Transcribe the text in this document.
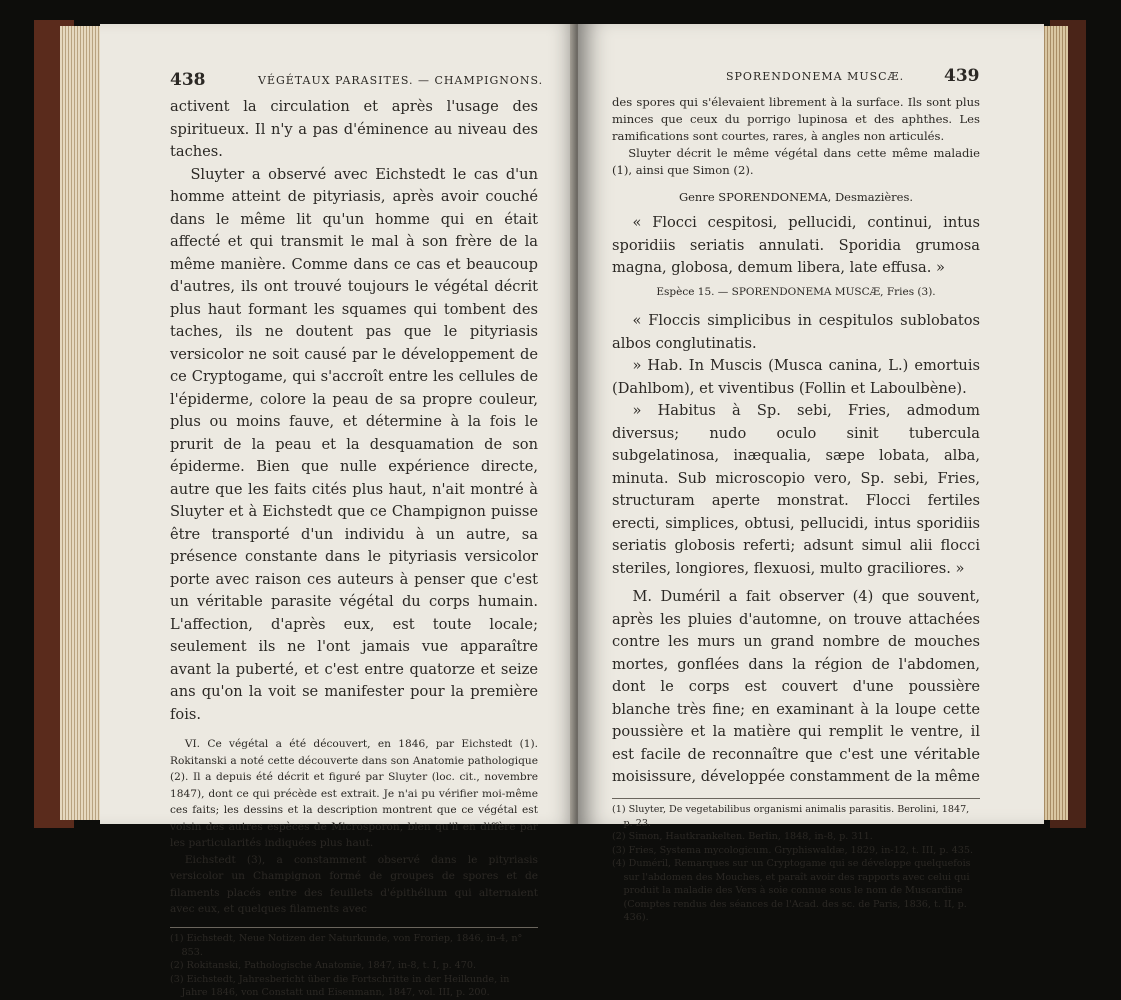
438	VÉGÉTAUX PARASITES. — CHAMPIGNONS.

activent la circulation et après l'usage des spiritueux. Il n'y a pas d'éminence au niveau des taches.

Sluyter a observé avec Eichstedt le cas d'un homme atteint de pityriasis, après avoir couché dans le même lit qu'un homme qui en était affecté et qui transmit le mal à son frère de la même manière. Comme dans ce cas et beaucoup d'autres, ils ont trouvé toujours le végétal décrit plus haut formant les squames qui tombent des taches, ils ne doutent pas que le pityriasis versicolor ne soit causé par le développement de ce Cryptogame, qui s'accroît entre les cellules de l'épiderme, colore la peau de sa propre couleur, plus ou moins fauve, et détermine à la fois le prurit de la peau et la desquamation de son épiderme. Bien que nulle expérience directe, autre que les faits cités plus haut, n'ait montré à Sluyter et à Eichstedt que ce Champignon puisse être transporté d'un individu à un autre, sa présence constante dans le pityriasis versicolor porte avec raison ces auteurs à penser que c'est un véritable parasite végétal du corps humain. L'affection, d'après eux, est toute locale; seulement ils ne l'ont jamais vue apparaître avant la puberté, et c'est entre quatorze et seize ans qu'on la voit se manifester pour la première fois.

VI. Ce végétal a été découvert, en 1846, par Eichstedt (1). Rokitanski a noté cette découverte dans son Anatomie pathologique (2). Il a depuis été décrit et figuré par Sluyter (loc. cit., novembre 1847), dont ce qui précède est extrait. Je n'ai pu vérifier moi-même ces faits; les dessins et la description montrent que ce végétal est voisin des autres espèces de Microsporon, bien qu'il en diffère par les particularités indiquées plus haut.

Eichstedt (3), a constamment observé dans le pityriasis versicolor un Champignon formé de groupes de spores et de filaments placés entre des feuillets d'épithélium qui alternaient avec eux, et quelques filaments avec

(1) Eichstedt, Neue Notizen der Naturkunde, von Froriep, 1846, in-4, n° 853.

(2) Rokitanski, Pathologische Anatomie, 1847, in-8, t. I, p. 470.

(3) Eichstedt, Jahresbericht über die Fortschritte in der Heilkunde, in Jahre 1846, von Constatt und Eisenmann, 1847, vol. III, p. 200.

SPORENDONEMA MUSCÆ. 439

des spores qui s'élevaient librement à la surface. Ils sont plus minces que ceux du porrigo lupinosa et des aphthes. Les ramifications sont courtes, rares, à angles non articulés.

Sluyter décrit le même végétal dans cette même maladie (1), ainsi que Simon (2).

Genre SPORENDONEMA, Desmazières.

« Flocci cespitosi, pellucidi, continui, intus sporidiis seriatis annulati. Sporidia grumosa magna, globosa, demum libera, late effusa. »

Espèce 15. — SPORENDONEMA MUSCÆ, Fries (3).

« Floccis simplicibus in cespitulos sublobatos albos conglutinatis.

» Hab. In Muscis (Musca canina, L.) emortuis (Dahlbom), et viventibus (Follin et Laboulbène).

» Habitus à Sp. sebi, Fries, admodum diversus; nudo oculo sinit tubercula subgelatinosa, inæqualia, sæpe lobata, alba, minuta. Sub microscopio vero, Sp. sebi, Fries, structuram aperte monstrat. Flocci fertiles erecti, simplices, obtusi, pellucidi, intus sporidiis seriatis globosis referti; adsunt simul alii flocci steriles, longiores, flexuosi, multo graciliores. »

M. Duméril a fait observer (4) que souvent, après les pluies d'automne, on trouve attachées contre les murs un grand nombre de mouches mortes, gonflées dans la région de l'abdomen, dont le corps est couvert d'une poussière blanche très fine; en examinant à la loupe cette poussière et la matière qui remplit le ventre, il est facile de reconnaître que c'est une véritable moisissure, développée constamment de la même

(1) Sluyter, De vegetabilibus organismi animalis parasitis. Berolini, 1847, p. 23.

(2) Simon, Hautkrankelten. Berlin, 1848, in-8, p. 311.

(3) Fries, Systema mycologicum. Gryphiswaldæ, 1829, in-12, t. III, p. 435.

(4) Duméril, Remarques sur un Cryptogame qui se développe quelquefois sur l'abdomen des Mouches, et paraît avoir des rapports avec celui qui produit la maladie des Vers à soie connue sous le nom de Muscardine (Comptes rendus des séances de l'Acad. des sc. de Paris, 1836, t. II, p. 436).
